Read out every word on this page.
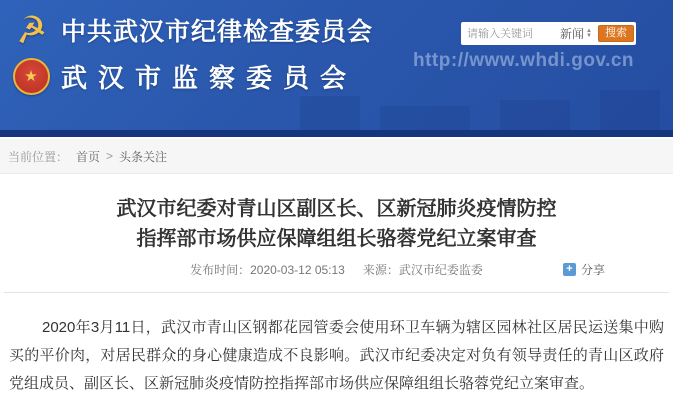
☭ 中共武汉市纪律检查委员会
★ 武汉市监察委员会
请输入关键词
新闻 ▲
▼	搜索
http://www.whdi.gov.cn
当前位置： 首页 > 头条关注
武汉市纪委对青山区副区长、区新冠肺炎疫情防控
指挥部市场供应保障组组长骆蓉党纪立案审查
发布时间：2020-03-12 05:13 来源：武汉市纪委监委	+ 分享

2020年3月11日，武汉市青山区钢都花园管委会使用环卫车辆为辖区园林社区居民运送集中购买的平价肉，对居民群众的身心健康造成不良影响。武汉市纪委决定对负有领导责任的青山区政府党组成员、副区长、区新冠肺炎疫情防控指挥部市场供应保障组组长骆蓉党纪立案审查。
